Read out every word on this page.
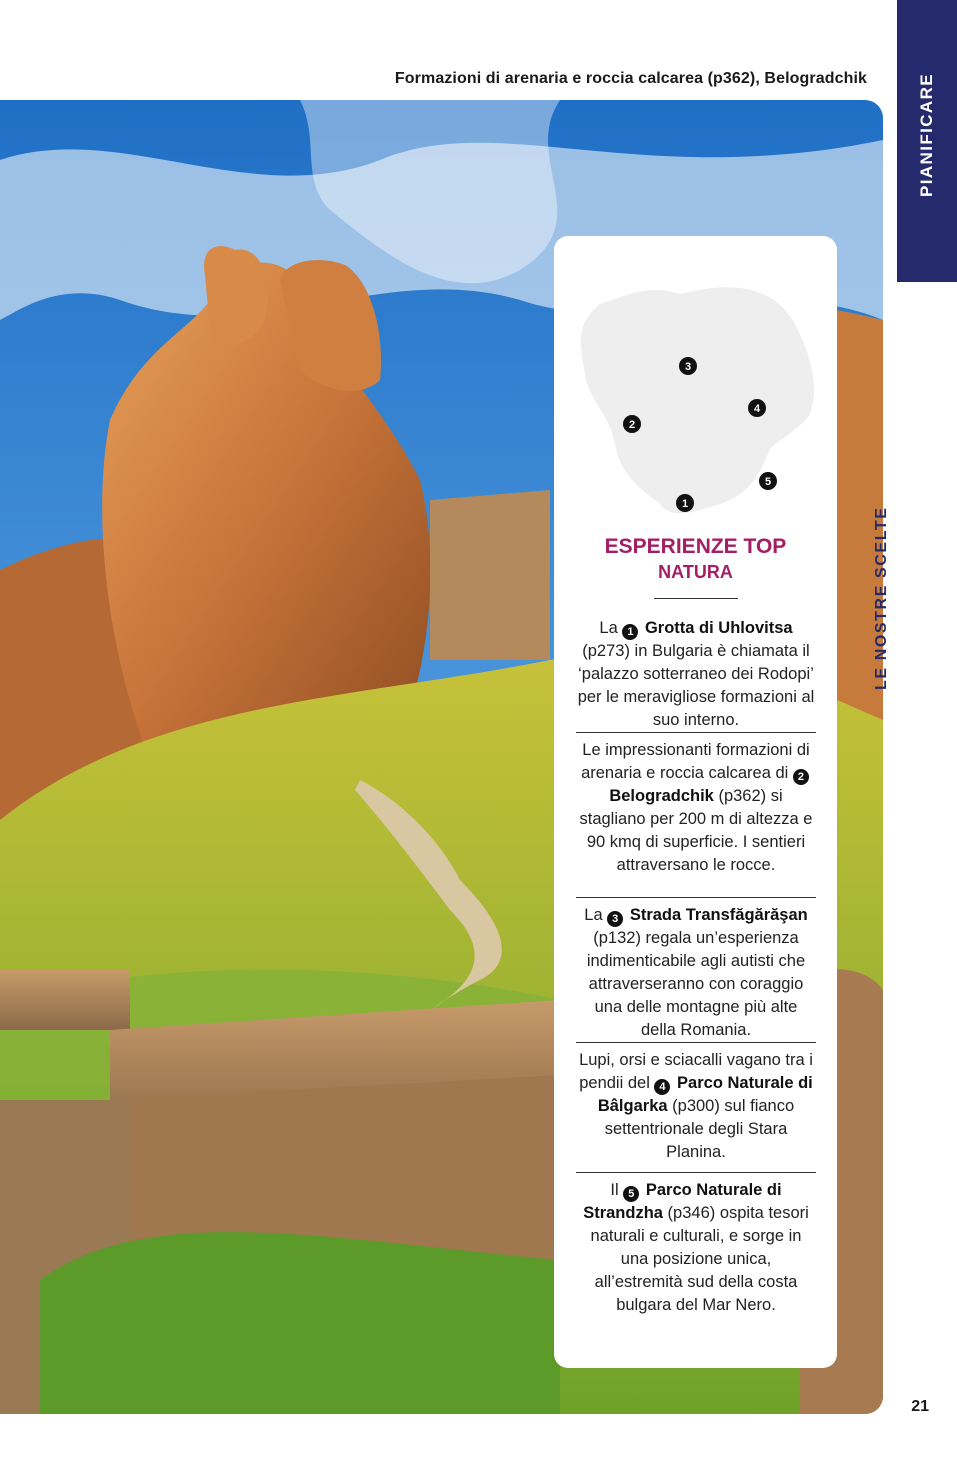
Formazioni di arenaria e roccia calcarea (p362), Belogradchik	PIANIFICARE
LE NOSTRE SCELTE
21
3
2
4
5
1
ESPERIENZE TOP
NATURA
La 1 Grotta di Uhlovitsa (p273) in Bulgaria è chiamata il ‘palazzo sotterraneo dei Rodopi’ per le meravigliose formazioni al suo interno.
Le impressionanti formazioni di arenaria e roccia calcarea di 2 Belogradchik (p362) si stagliano per 200 m di altezza e 90 kmq di superficie. I sentieri attraversano le rocce.
La 3 Strada Transfăgărăşan (p132) regala un’esperienza indimenticabile agli autisti che attraverseranno con coraggio una delle montagne più alte della Romania.
Lupi, orsi e sciacalli vagano tra i pendii del 4 Parco Naturale di Bâlgarka (p300) sul fianco settentrionale degli Stara Planina.
Il 5 Parco Naturale di Strandzha (p346) ospita tesori naturali e culturali, e sorge in una posizione unica, all’estremità sud della costa bulgara del Mar Nero.
